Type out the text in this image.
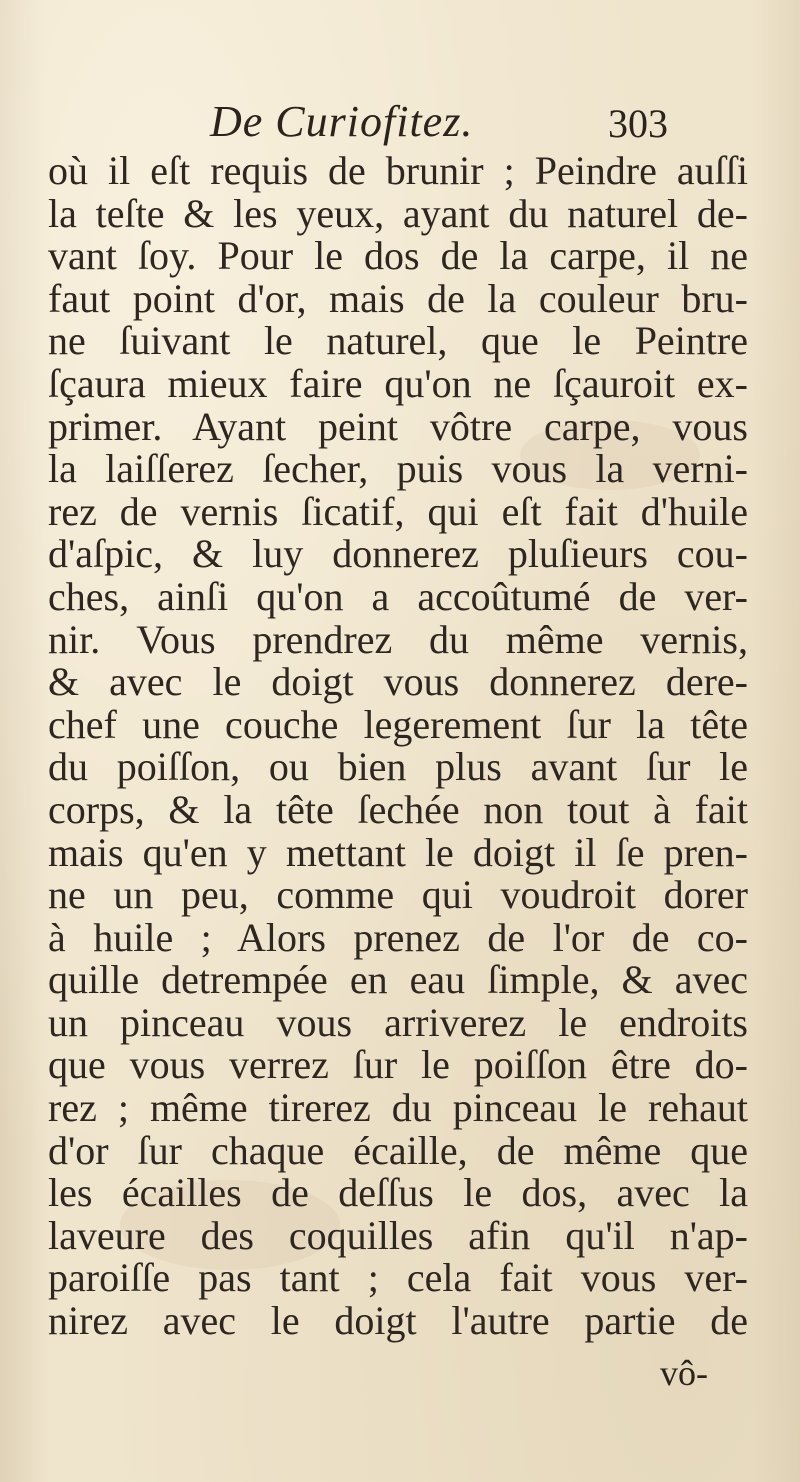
De Curiofitez.	303
où il eſt requis de brunir ; Peindre auſſi
la teſte & les yeux, ayant du naturel de-
vant ſoy. Pour le dos de la carpe, il ne
faut point d'or, mais de la couleur bru-
ne ſuivant le naturel, que le Peintre
ſçaura mieux faire qu'on ne ſçauroit ex-
primer. Ayant peint vôtre carpe, vous
la laiſſerez ſecher, puis vous la verni-
rez de vernis ſicatif, qui eſt fait d'huile
d'aſpic, & luy donnerez pluſieurs cou-
ches, ainſi qu'on a accoûtumé de ver-
nir. Vous prendrez du même vernis,
& avec le doigt vous donnerez dere-
chef une couche legerement ſur la tête
du poiſſon, ou bien plus avant ſur le
corps, & la tête ſechée non tout à fait
mais qu'en y mettant le doigt il ſe pren-
ne un peu, comme qui voudroit dorer
à huile ; Alors prenez de l'or de co-
quille detrempée en eau ſimple, & avec
un pinceau vous arriverez le endroits
que vous verrez ſur le poiſſon être do-
rez ; même tirerez du pinceau le rehaut
d'or ſur chaque écaille, de même que
les écailles de deſſus le dos, avec la
laveure des coquilles afin qu'il n'ap-
paroiſſe pas tant ; cela fait vous ver-
nirez avec le doigt l'autre partie de
vô-
